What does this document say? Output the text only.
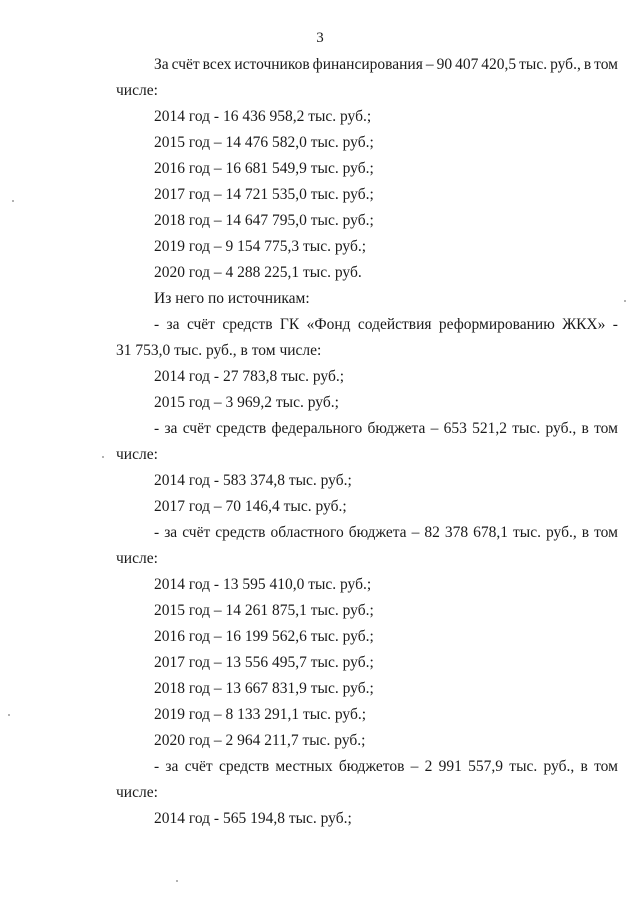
3
За счёт всех источников финансирования – 90 407 420,5 тыс. руб., в том
числе:
2014 год - 16 436 958,2 тыс. руб.;
2015 год – 14 476 582,0 тыс. руб.;
2016 год – 16 681 549,9 тыс. руб.;
2017 год – 14 721 535,0 тыс. руб.;
2018 год – 14 647 795,0 тыс. руб.;
2019 год – 9 154 775,3 тыс. руб.;
2020 год – 4 288 225,1 тыс. руб.
Из него по источникам:
- за счёт средств ГК «Фонд содействия реформированию ЖКХ» -
31 753,0 тыс. руб., в том числе:
2014 год - 27 783,8 тыс. руб.;
2015 год – 3 969,2 тыс. руб.;
- за счёт средств федерального бюджета – 653 521,2 тыс. руб., в том
числе:
2014 год - 583 374,8 тыс. руб.;
2017 год – 70 146,4 тыс. руб.;
- за счёт средств областного бюджета – 82 378 678,1 тыс. руб., в том
числе:
2014 год - 13 595 410,0 тыс. руб.;
2015 год – 14 261 875,1 тыс. руб.;
2016 год – 16 199 562,6 тыс. руб.;
2017 год – 13 556 495,7 тыс. руб.;
2018 год – 13 667 831,9 тыс. руб.;
2019 год – 8 133 291,1 тыс. руб.;
2020 год – 2 964 211,7 тыс. руб.;
- за счёт средств местных бюджетов – 2 991 557,9 тыс. руб., в том
числе:
2014 год - 565 194,8 тыс. руб.;
